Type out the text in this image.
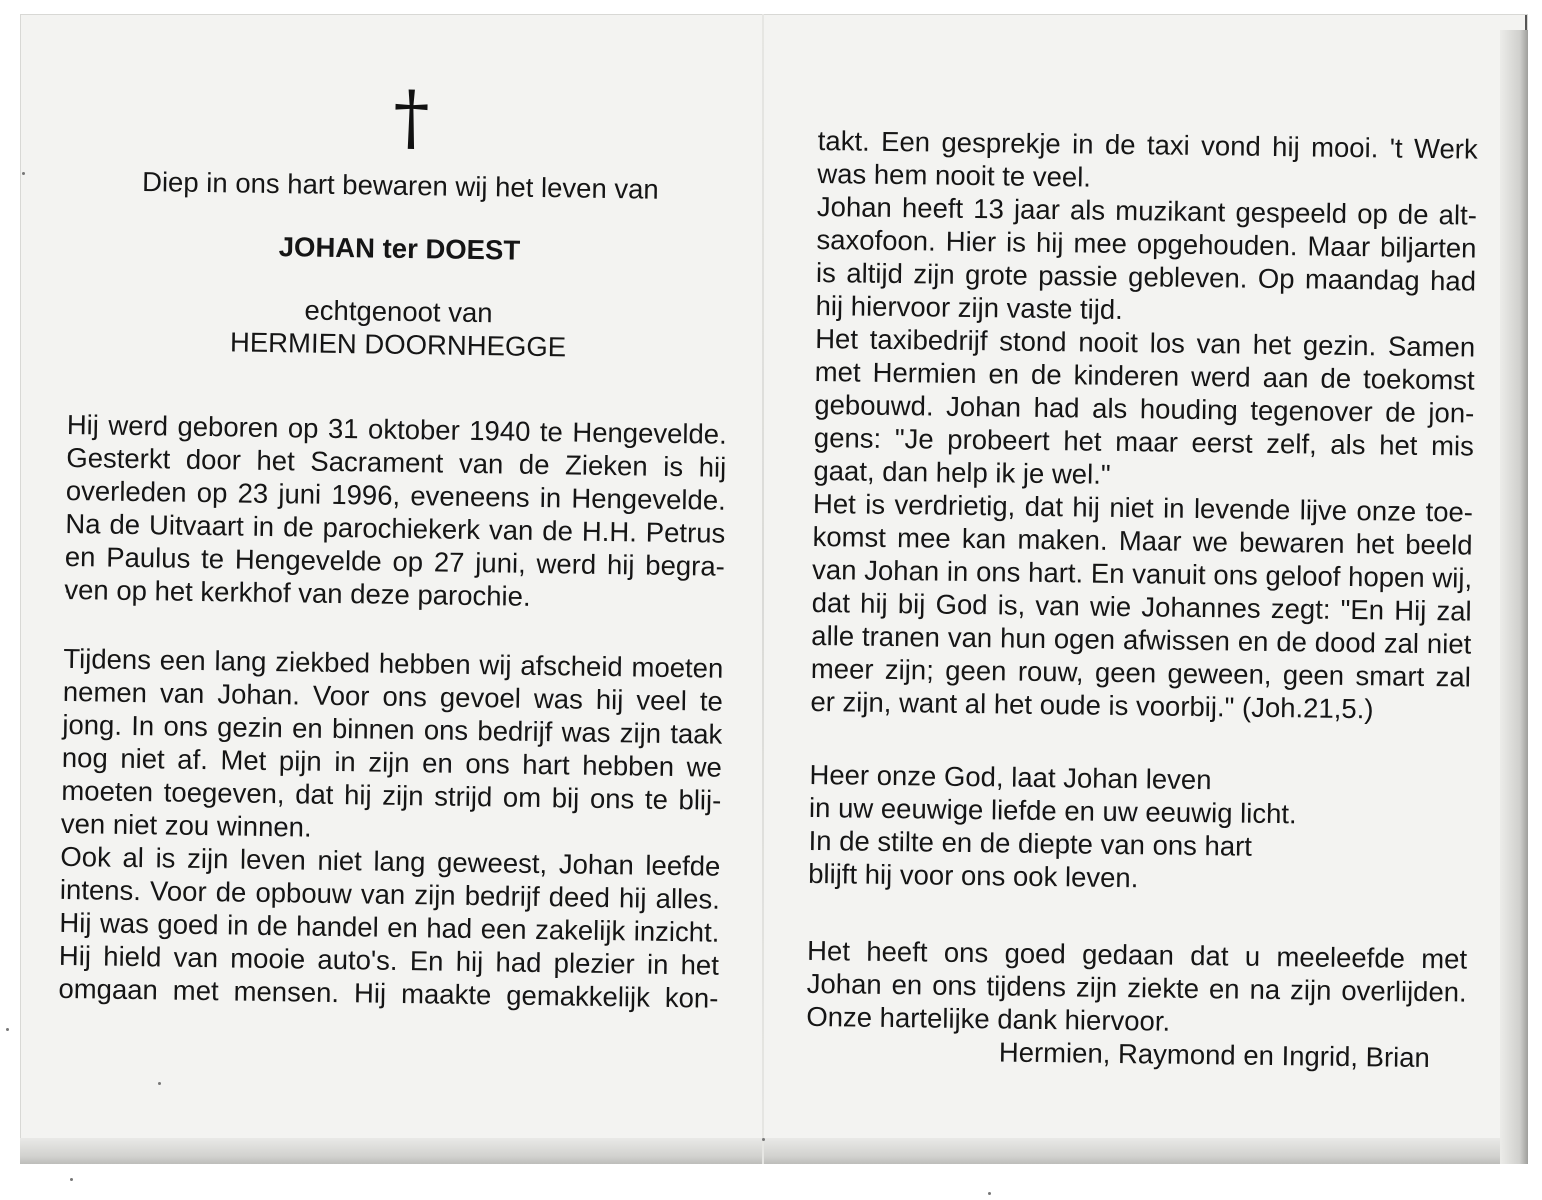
†
Diep in ons hart bewaren wij het leven van
JOHAN ter DOEST
echtgenoot van
HERMIEN DOORNHEGGE
Hij werd geboren op 31 oktober 1940 te Hengevelde.
Gesterkt door het Sacrament van de Zieken is hij
overleden op 23 juni 1996, eveneens in Hengevelde.
Na de Uitvaart in de parochiekerk van de H.H. Petrus
en Paulus te Hengevelde op 27 juni, werd hij begra-
ven op het kerkhof van deze parochie.
Tijdens een lang ziekbed hebben wij afscheid moeten
nemen van Johan. Voor ons gevoel was hij veel te
jong. In ons gezin en binnen ons bedrijf was zijn taak
nog niet af. Met pijn in zijn en ons hart hebben we
moeten toegeven, dat hij zijn strijd om bij ons te blij-
ven niet zou winnen.
Ook al is zijn leven niet lang geweest, Johan leefde
intens. Voor de opbouw van zijn bedrijf deed hij alles.
Hij was goed in de handel en had een zakelijk inzicht.
Hij hield van mooie auto's. En hij had plezier in het
omgaan met mensen. Hij maakte gemakkelijk kon-
takt. Een gesprekje in de taxi vond hij mooi. 't Werk
was hem nooit te veel.
Johan heeft 13 jaar als muzikant gespeeld op de alt-
saxofoon. Hier is hij mee opgehouden. Maar biljarten
is altijd zijn grote passie gebleven. Op maandag had
hij hiervoor zijn vaste tijd.
Het taxibedrijf stond nooit los van het gezin. Samen
met Hermien en de kinderen werd aan de toekomst
gebouwd. Johan had als houding tegenover de jon-
gens: "Je probeert het maar eerst zelf, als het mis
gaat, dan help ik je wel."
Het is verdrietig, dat hij niet in levende lijve onze toe-
komst mee kan maken. Maar we bewaren het beeld
van Johan in ons hart. En vanuit ons geloof hopen wij,
dat hij bij God is, van wie Johannes zegt: "En Hij zal
alle tranen van hun ogen afwissen en de dood zal niet
meer zijn; geen rouw, geen geween, geen smart zal
er zijn, want al het oude is voorbij." (Joh.21,5.)
Heer onze God, laat Johan leven
in uw eeuwige liefde en uw eeuwig licht.
In de stilte en de diepte van ons hart
blijft hij voor ons ook leven.
Het heeft ons goed gedaan dat u meeleefde met
Johan en ons tijdens zijn ziekte en na zijn overlijden.
Onze hartelijke dank hiervoor.
Hermien, Raymond en Ingrid, Brian
